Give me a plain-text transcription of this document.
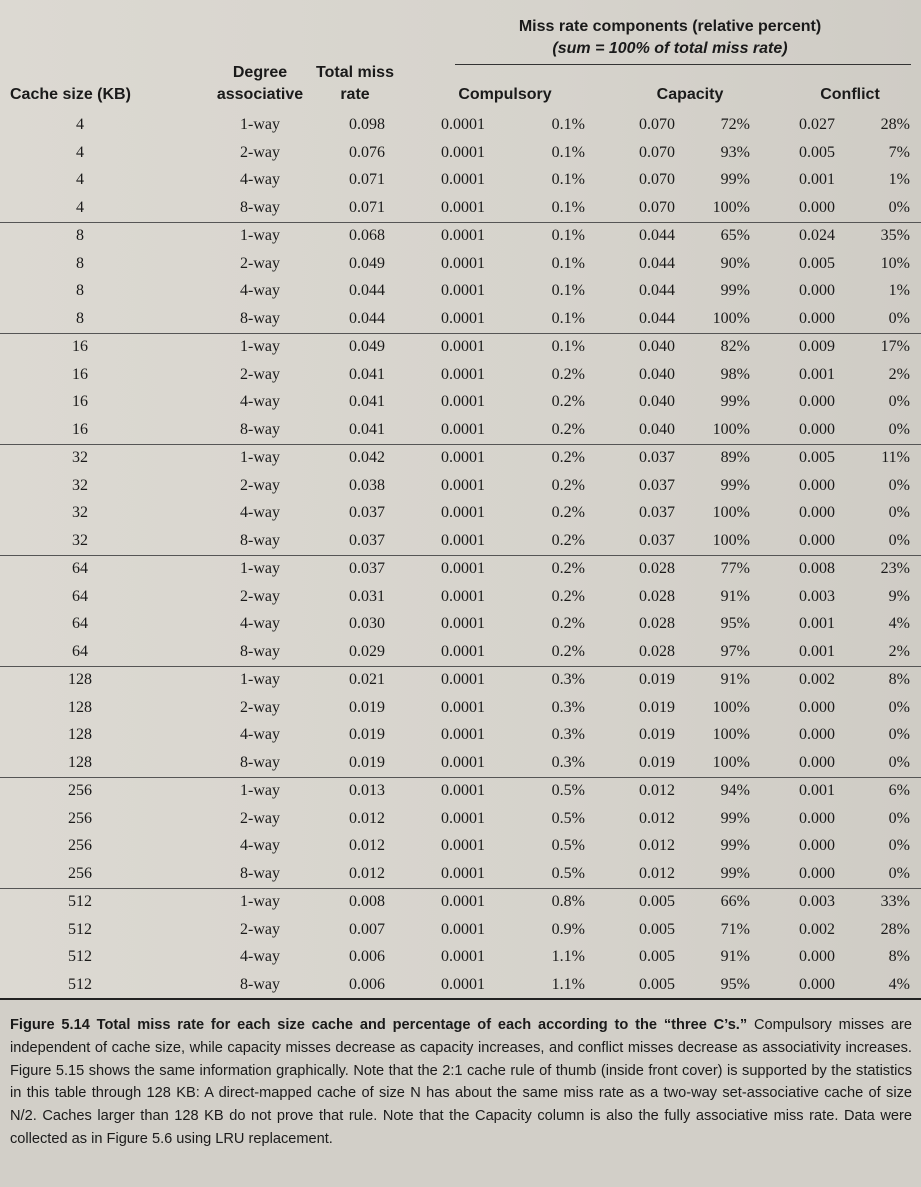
Miss rate components (relative percent)
(sum = 100% of total miss rate)
Cache size (KB)
Degree
associative
Total miss
rate	Compulsory	Capacity	Conflict
4	1-way	0.098	0.0001	0.1%	0.070	72%	0.027	28%
4	2-way	0.076	0.0001	0.1%	0.070	93%	0.005	7%
4	4-way	0.071	0.0001	0.1%	0.070	99%	0.001	1%
4	8-way	0.071	0.0001	0.1%	0.070	100%	0.000	0%
8	1-way	0.068	0.0001	0.1%	0.044	65%	0.024	35%
8	2-way	0.049	0.0001	0.1%	0.044	90%	0.005	10%
8	4-way	0.044	0.0001	0.1%	0.044	99%	0.000	1%
8	8-way	0.044	0.0001	0.1%	0.044	100%	0.000	0%
16	1-way	0.049	0.0001	0.1%	0.040	82%	0.009	17%
16	2-way	0.041	0.0001	0.2%	0.040	98%	0.001	2%
16	4-way	0.041	0.0001	0.2%	0.040	99%	0.000	0%
16	8-way	0.041	0.0001	0.2%	0.040	100%	0.000	0%
32	1-way	0.042	0.0001	0.2%	0.037	89%	0.005	11%
32	2-way	0.038	0.0001	0.2%	0.037	99%	0.000	0%
32	4-way	0.037	0.0001	0.2%	0.037	100%	0.000	0%
32	8-way	0.037	0.0001	0.2%	0.037	100%	0.000	0%
64	1-way	0.037	0.0001	0.2%	0.028	77%	0.008	23%
64	2-way	0.031	0.0001	0.2%	0.028	91%	0.003	9%
64	4-way	0.030	0.0001	0.2%	0.028	95%	0.001	4%
64	8-way	0.029	0.0001	0.2%	0.028	97%	0.001	2%
128	1-way	0.021	0.0001	0.3%	0.019	91%	0.002	8%
128	2-way	0.019	0.0001	0.3%	0.019	100%	0.000	0%
128	4-way	0.019	0.0001	0.3%	0.019	100%	0.000	0%
128	8-way	0.019	0.0001	0.3%	0.019	100%	0.000	0%
256	1-way	0.013	0.0001	0.5%	0.012	94%	0.001	6%
256	2-way	0.012	0.0001	0.5%	0.012	99%	0.000	0%
256	4-way	0.012	0.0001	0.5%	0.012	99%	0.000	0%
256	8-way	0.012	0.0001	0.5%	0.012	99%	0.000	0%
512	1-way	0.008	0.0001	0.8%	0.005	66%	0.003	33%
512	2-way	0.007	0.0001	0.9%	0.005	71%	0.002	28%
512	4-way	0.006	0.0001	1.1%	0.005	91%	0.000	8%
512	8-way	0.006	0.0001	1.1%	0.005	95%	0.000	4%

Figure 5.14 Total miss rate for each size cache and percentage of each according to the “three C’s.” Compulsory misses are independent of cache size, while capacity misses decrease as capacity increases, and conflict misses decrease as associativity increases. Figure 5.15 shows the same information graphically. Note that the 2:1 cache rule of thumb (inside front cover) is supported by the statistics in this table through 128 KB: A direct-mapped cache of size N has about the same miss rate as a two-way set-associative cache of size N/2. Caches larger than 128 KB do not prove that rule. Note that the Capacity column is also the fully associative miss rate. Data were collected as in Figure 5.6 using LRU replacement.
